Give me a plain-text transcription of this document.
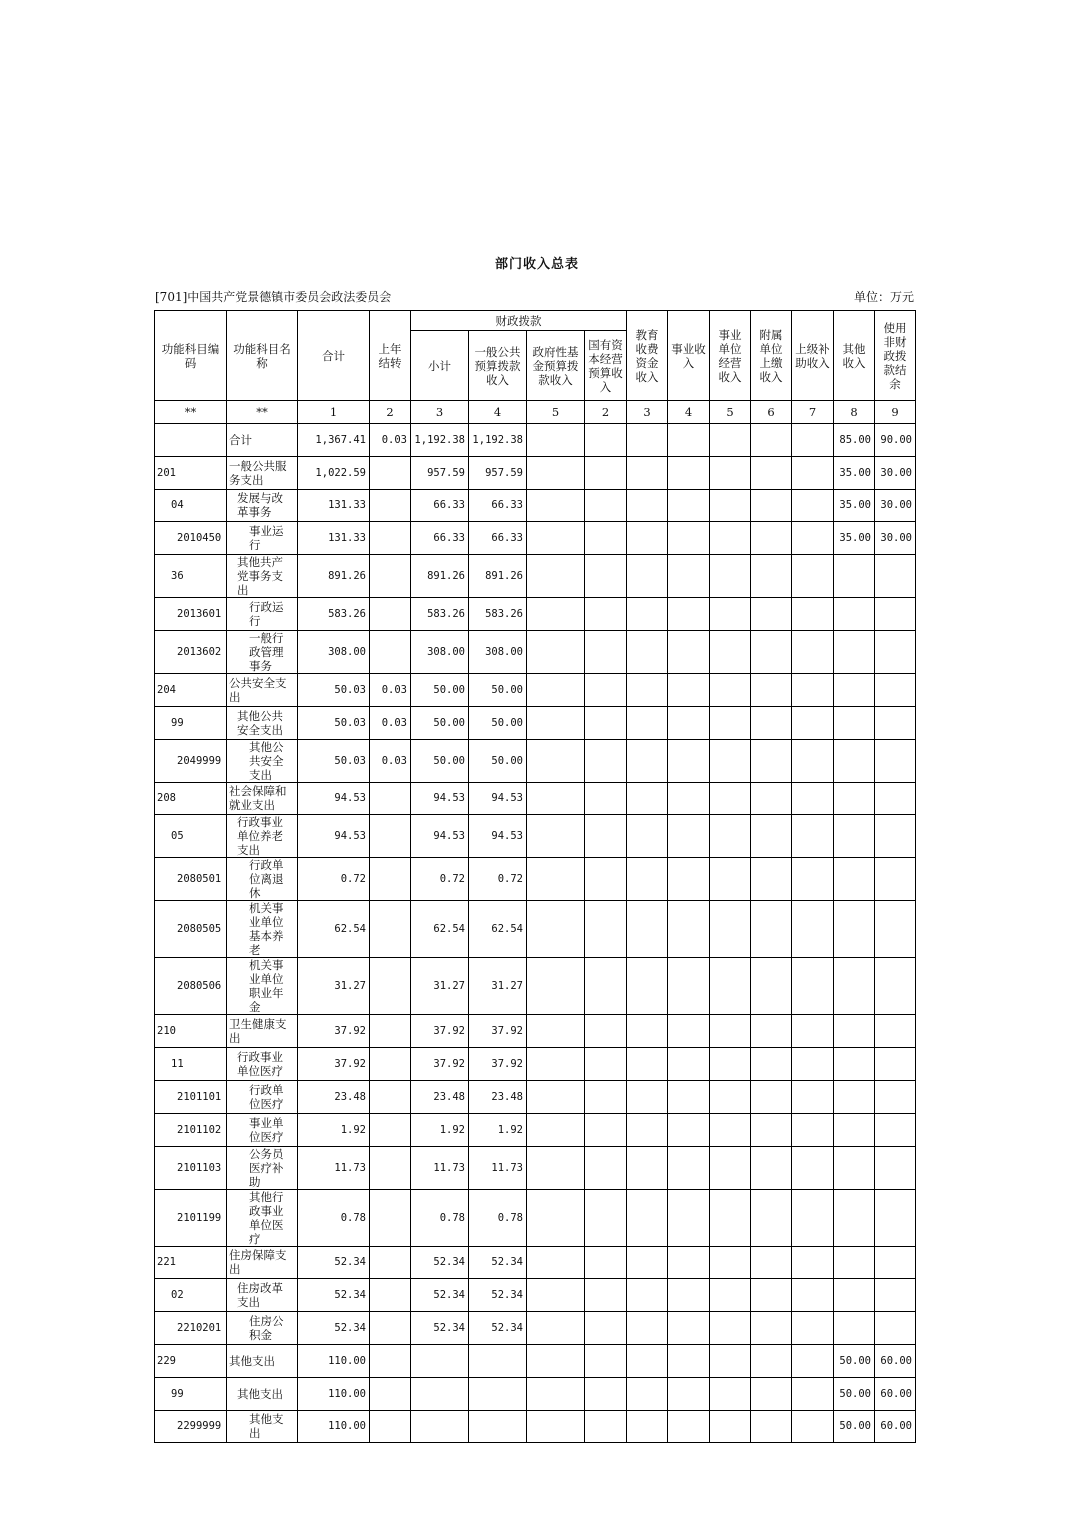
部门收入总表
[701]中国共产党景德镇市委员会政法委员会	单位：万元
功能科目编码	功能科目名称	合计	上年结转	财政拨款				教育收费资金收入	事业收入	事业单位经营收入	附属单位上缴收入	上级补助收入	其他收入	使用非财政拨款结余
				小计	一般公共预算拨款收入	政府性基金预算拨款收入	国有资本经营预算收入							
**	**	1	2	3	4	5	2	3	4	5	6	7	8	9
	合计	1,367.41	0.03	1,192.38	1,192.38								85.00	90.00
201	一般公共服务支出	1,022.59		957.59	957.59								35.00	30.00
04	发展与改革事务	131.33		66.33	66.33								35.00	30.00
2010450	事业运行	131.33		66.33	66.33								35.00	30.00
36	其他共产党事务支出	891.26		891.26	891.26									
2013601	行政运行	583.26		583.26	583.26									
2013602	一般行政管理事务	308.00		308.00	308.00									
204	公共安全支出	50.03	0.03	50.00	50.00									
99	其他公共安全支出	50.03	0.03	50.00	50.00									
2049999	其他公共安全支出	50.03	0.03	50.00	50.00									
208	社会保障和就业支出	94.53		94.53	94.53									
05	行政事业单位养老支出	94.53		94.53	94.53									
2080501	行政单位离退休	0.72		0.72	0.72									
2080505	机关事业单位基本养老	62.54		62.54	62.54									
2080506	机关事业单位职业年金	31.27		31.27	31.27									
210	卫生健康支出	37.92		37.92	37.92									
11	行政事业单位医疗	37.92		37.92	37.92									
2101101	行政单位医疗	23.48		23.48	23.48									
2101102	事业单位医疗	1.92		1.92	1.92									
2101103	公务员医疗补助	11.73		11.73	11.73									
2101199	其他行政事业单位医疗	0.78		0.78	0.78									
221	住房保障支出	52.34		52.34	52.34									
02	住房改革支出	52.34		52.34	52.34									
2210201	住房公积金	52.34		52.34	52.34									
229	其他支出	110.00											50.00	60.00
99	其他支出	110.00											50.00	60.00
2299999	其他支出	110.00											50.00	60.00
